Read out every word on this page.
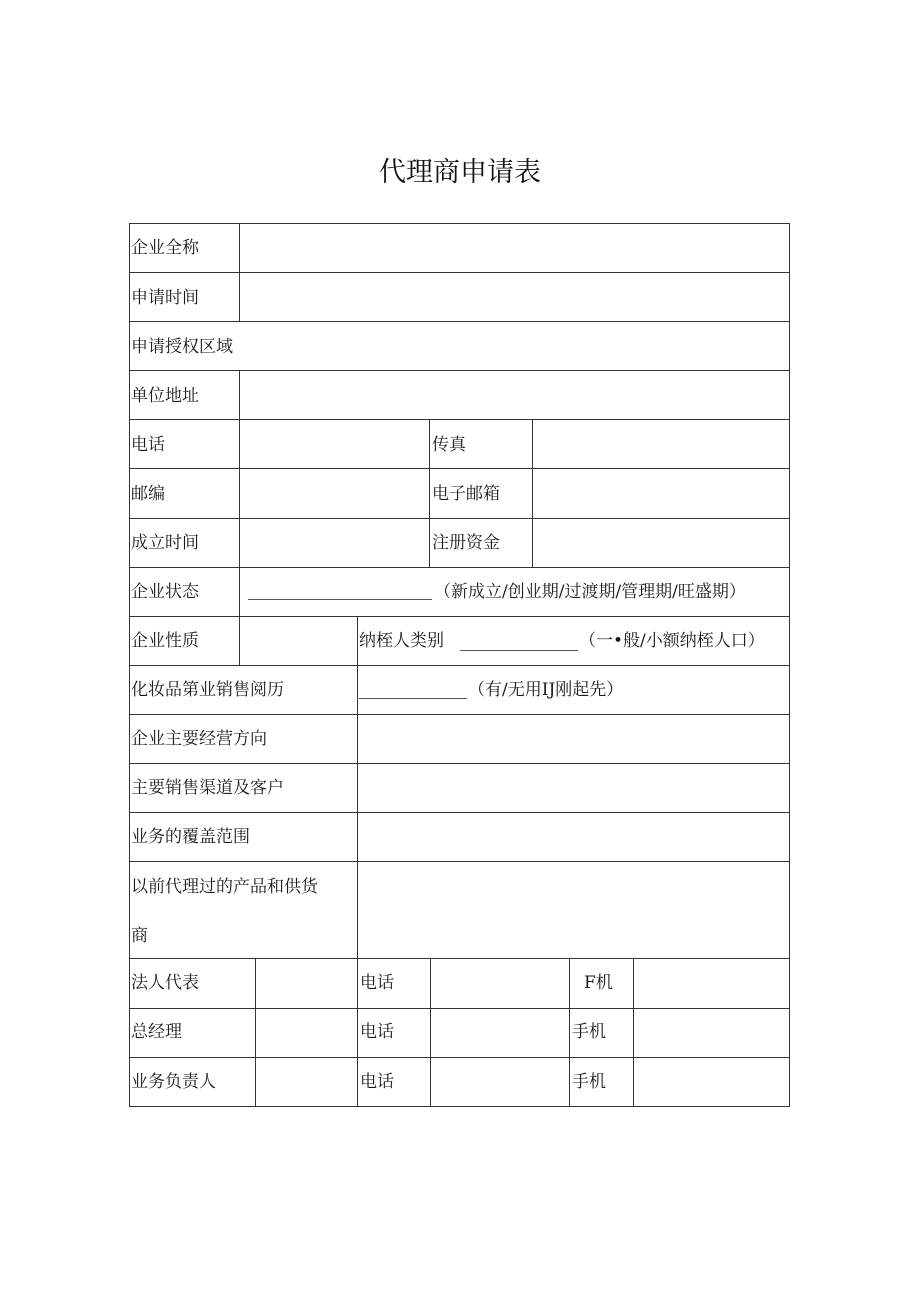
代理商申请表
企业全称
申请时间
申请授权区域
单位地址
电话	传真
邮编	电子邮箱
成立时间	注册资金
企业状态	（新成立/创业期/过渡期/管理期/旺盛期）
企业性质	纳桎人类别	（一•般/小额纳桎人口）
化妆品第业销售阅历	（有/无用IJ刚起先）
企业主要经营方向
主要销售渠道及客户
业务的覆盖范围
以前代理过的产品和供货
商
法人代表	电话	F机
总经理	电话	手机
业务负责人	电话	手机
